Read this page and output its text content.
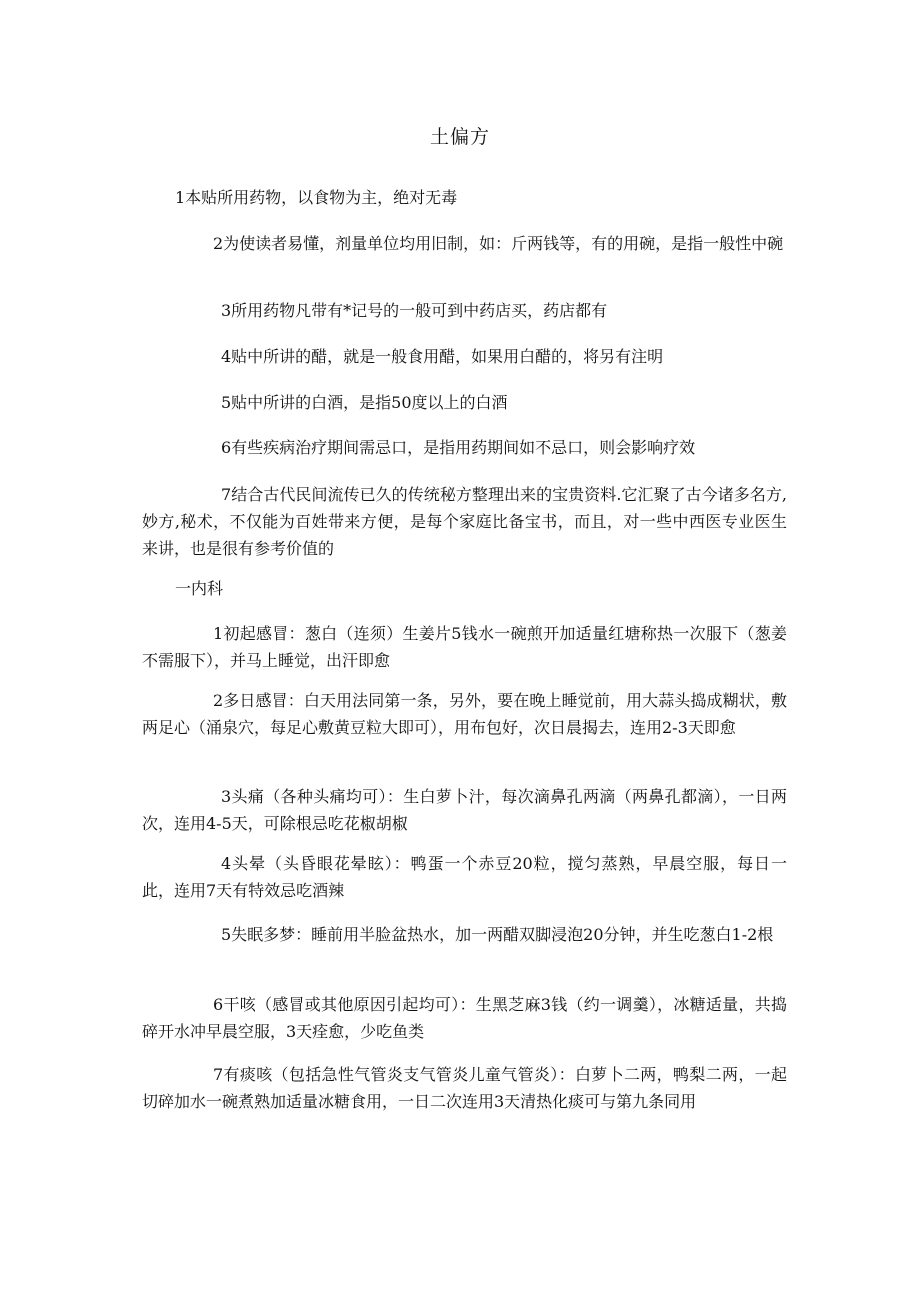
土偏方

1本贴所用药物，以食物为主，绝对无毒

2为使读者易懂，剂量单位均用旧制，如：斤两钱等，有的用碗，是指一般性中碗

3所用药物凡带有*记号的一般可到中药店买，药店都有

4贴中所讲的醋，就是一般食用醋，如果用白醋的，将另有注明

5贴中所讲的白酒，是指50度以上的白酒

6有些疾病治疗期间需忌口，是指用药期间如不忌口，则会影响疗效

7结合古代民间流传已久的传统秘方整理出来的宝贵资料.它汇聚了古今诸多名方,妙方,秘术，不仅能为百姓带来方便，是每个家庭比备宝书，而且，对一些中西医专业医生来讲，也是很有参考价值的

一内科

1初起感冒：葱白（连须）生姜片5钱水一碗煎开加适量红塘称热一次服下（葱姜不需服下），并马上睡觉，出汗即愈

2多日感冒：白天用法同第一条，另外，要在晚上睡觉前，用大蒜头捣成糊状，敷两足心（涌泉穴，每足心敷黄豆粒大即可），用布包好，次日晨揭去，连用2-3天即愈

3头痛（各种头痛均可）：生白萝卜汁，每次滴鼻孔两滴（两鼻孔都滴），一日两次，连用4-5天，可除根忌吃花椒胡椒

4头晕（头昏眼花晕眩）：鸭蛋一个赤豆20粒，搅匀蒸熟，早晨空服，每日一此，连用7天有特效忌吃酒辣

5失眠多梦：睡前用半脸盆热水，加一两醋双脚浸泡20分钟，并生吃葱白1-2根

6干咳（感冒或其他原因引起均可）：生黑芝麻3钱（约一调羹），冰糖适量，共捣碎开水冲早晨空服，3天痊愈，少吃鱼类

7有痰咳（包括急性气管炎支气管炎儿童气管炎）：白萝卜二两，鸭梨二两，一起切碎加水一碗煮熟加适量冰糖食用，一日二次连用3天清热化痰可与第九条同用
